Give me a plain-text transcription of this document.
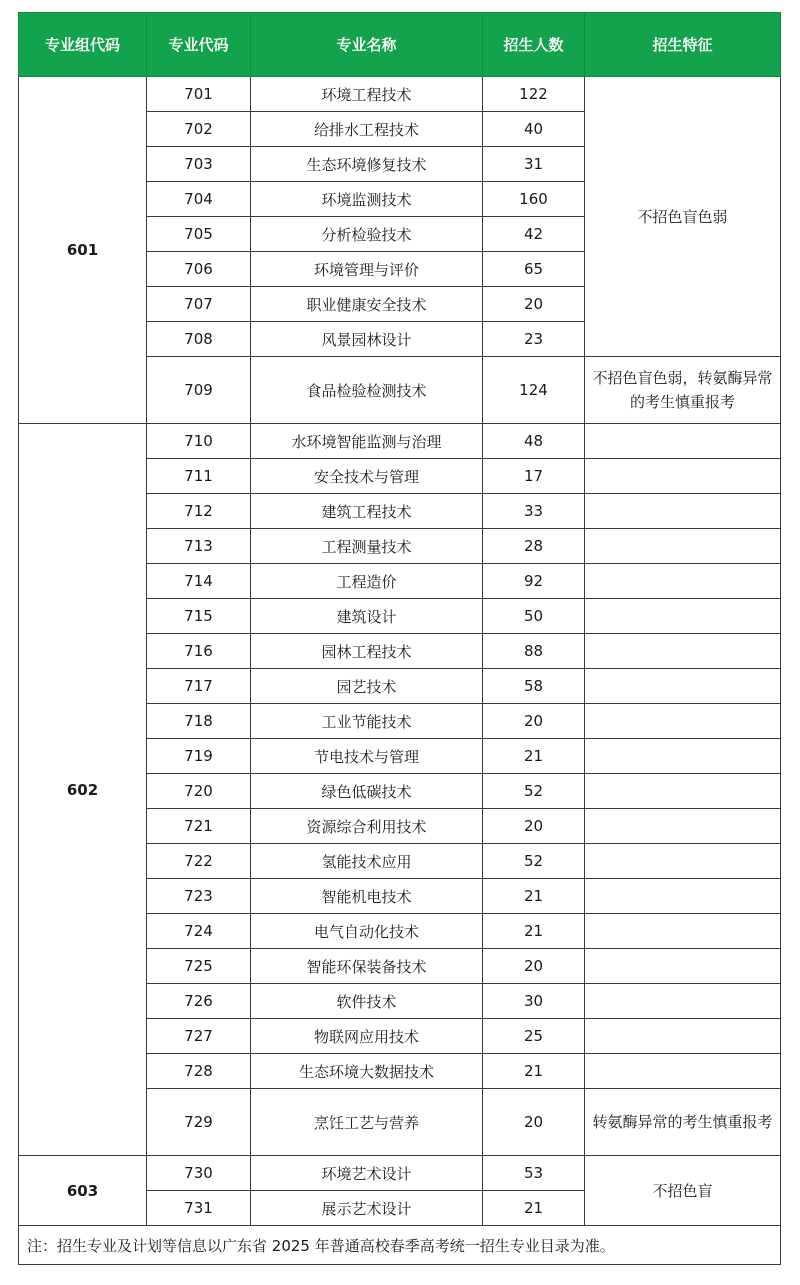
专业组代码	专业代码	专业名称	招生人数	招生特征
601	701	环境工程技术	122	不招色盲色弱
	702	给排水工程技术	40	
	703	生态环境修复技术	31	
	704	环境监测技术	160	
	705	分析检验技术	42	
	706	环境管理与评价	65	
	707	职业健康安全技术	20	
	708	风景园林设计	23	
	709	食品检验检测技术	124	不招色盲色弱，转氨酶异常的考生慎重报考
602	710	水环境智能监测与治理	48	
	711	安全技术与管理	17	
	712	建筑工程技术	33	
	713	工程测量技术	28	
	714	工程造价	92	
	715	建筑设计	50	
	716	园林工程技术	88	
	717	园艺技术	58	
	718	工业节能技术	20	
	719	节电技术与管理	21	
	720	绿色低碳技术	52	
	721	资源综合利用技术	20	
	722	氢能技术应用	52	
	723	智能机电技术	21	
	724	电气自动化技术	21	
	725	智能环保装备技术	20	
	726	软件技术	30	
	727	物联网应用技术	25	
	728	生态环境大数据技术	21	
	729	烹饪工艺与营养	20	转氨酶异常的考生慎重报考
603	730	环境艺术设计	53	不招色盲
	731	展示艺术设计	21	
注：招生专业及计划等信息以广东省 2025 年普通高校春季高考统一招生专业目录为准。				
